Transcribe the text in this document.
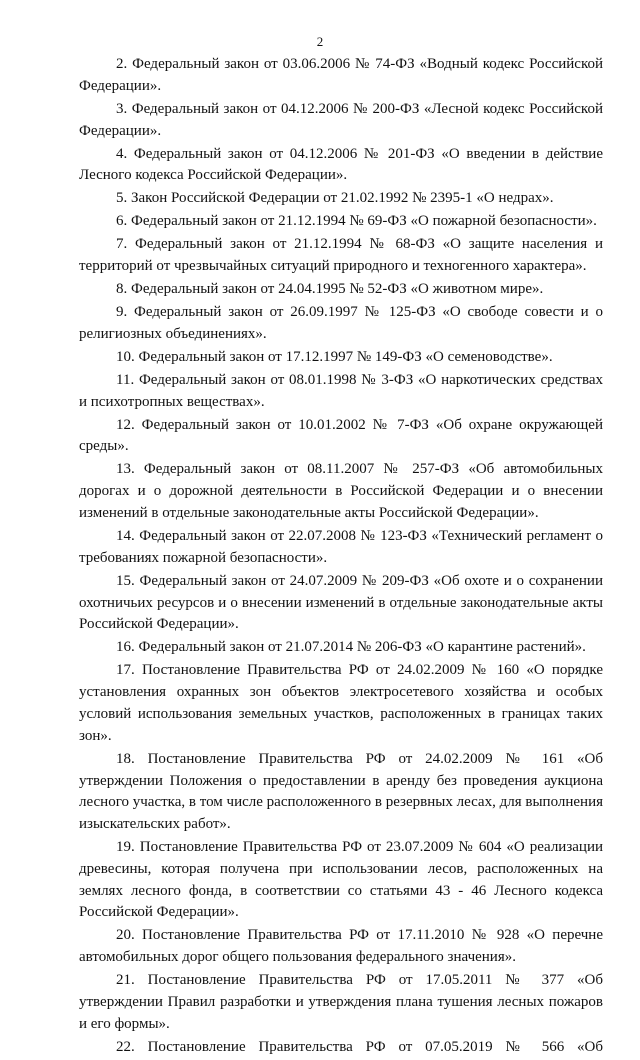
2

2. Федеральный закон от 03.06.2006 № 74-ФЗ «Водный кодекс Российской Федерации».

3. Федеральный закон от 04.12.2006 № 200-ФЗ «Лесной кодекс Российской Федерации».

4. Федеральный закон от 04.12.2006 № 201-ФЗ «О введении в действие Лесного кодекса Российской Федерации».

5. Закон Российской Федерации от 21.02.1992 № 2395-1 «О недрах».

6. Федеральный закон от 21.12.1994 № 69-ФЗ «О пожарной безопасности».

7. Федеральный закон от 21.12.1994 № 68-ФЗ «О защите населения и территорий от чрезвычайных ситуаций природного и техногенного характера».

8. Федеральный закон от 24.04.1995 № 52-ФЗ «О животном мире».

9. Федеральный закон от 26.09.1997 № 125-ФЗ «О свободе совести и о религиозных объединениях».

10. Федеральный закон от 17.12.1997 № 149-ФЗ «О семеноводстве».

11. Федеральный закон от 08.01.1998 № 3-ФЗ «О наркотических средствах и психотропных веществах».

12. Федеральный закон от 10.01.2002 № 7-ФЗ «Об охране окружающей среды».

13. Федеральный закон от 08.11.2007 № 257-ФЗ «Об автомобильных дорогах и о дорожной деятельности в Российской Федерации и о внесении изменений в отдельные законодательные акты Российской Федерации».

14. Федеральный закон от 22.07.2008 № 123-ФЗ «Технический регламент о требованиях пожарной безопасности».

15. Федеральный закон от 24.07.2009 № 209-ФЗ «Об охоте и о сохранении охотничьих ресурсов и о внесении изменений в отдельные законодательные акты Российской Федерации».

16. Федеральный закон от 21.07.2014 № 206-ФЗ «О карантине растений».

17. Постановление Правительства РФ от 24.02.2009 № 160 «О порядке установления охранных зон объектов электросетевого хозяйства и особых условий использования земельных участков, расположенных в границах таких зон».

18. Постановление Правительства РФ от 24.02.2009 № 161 «Об утверждении Положения о предоставлении в аренду без проведения аукциона лесного участка, в том числе расположенного в резервных лесах, для выполнения изыскательских работ».

19. Постановление Правительства РФ от 23.07.2009 № 604 «О реализации древесины, которая получена при использовании лесов, расположенных на землях лесного фонда, в соответствии со статьями 43 - 46 Лесного кодекса Российской Федерации».

20. Постановление Правительства РФ от 17.11.2010 № 928 «О перечне автомобильных дорог общего пользования федерального значения».

21. Постановление Правительства РФ от 17.05.2011 № 377 «Об утверждении Правил разработки и утверждения плана тушения лесных пожаров и его формы».

22. Постановление Правительства РФ от 07.05.2019 № 566 «Об
